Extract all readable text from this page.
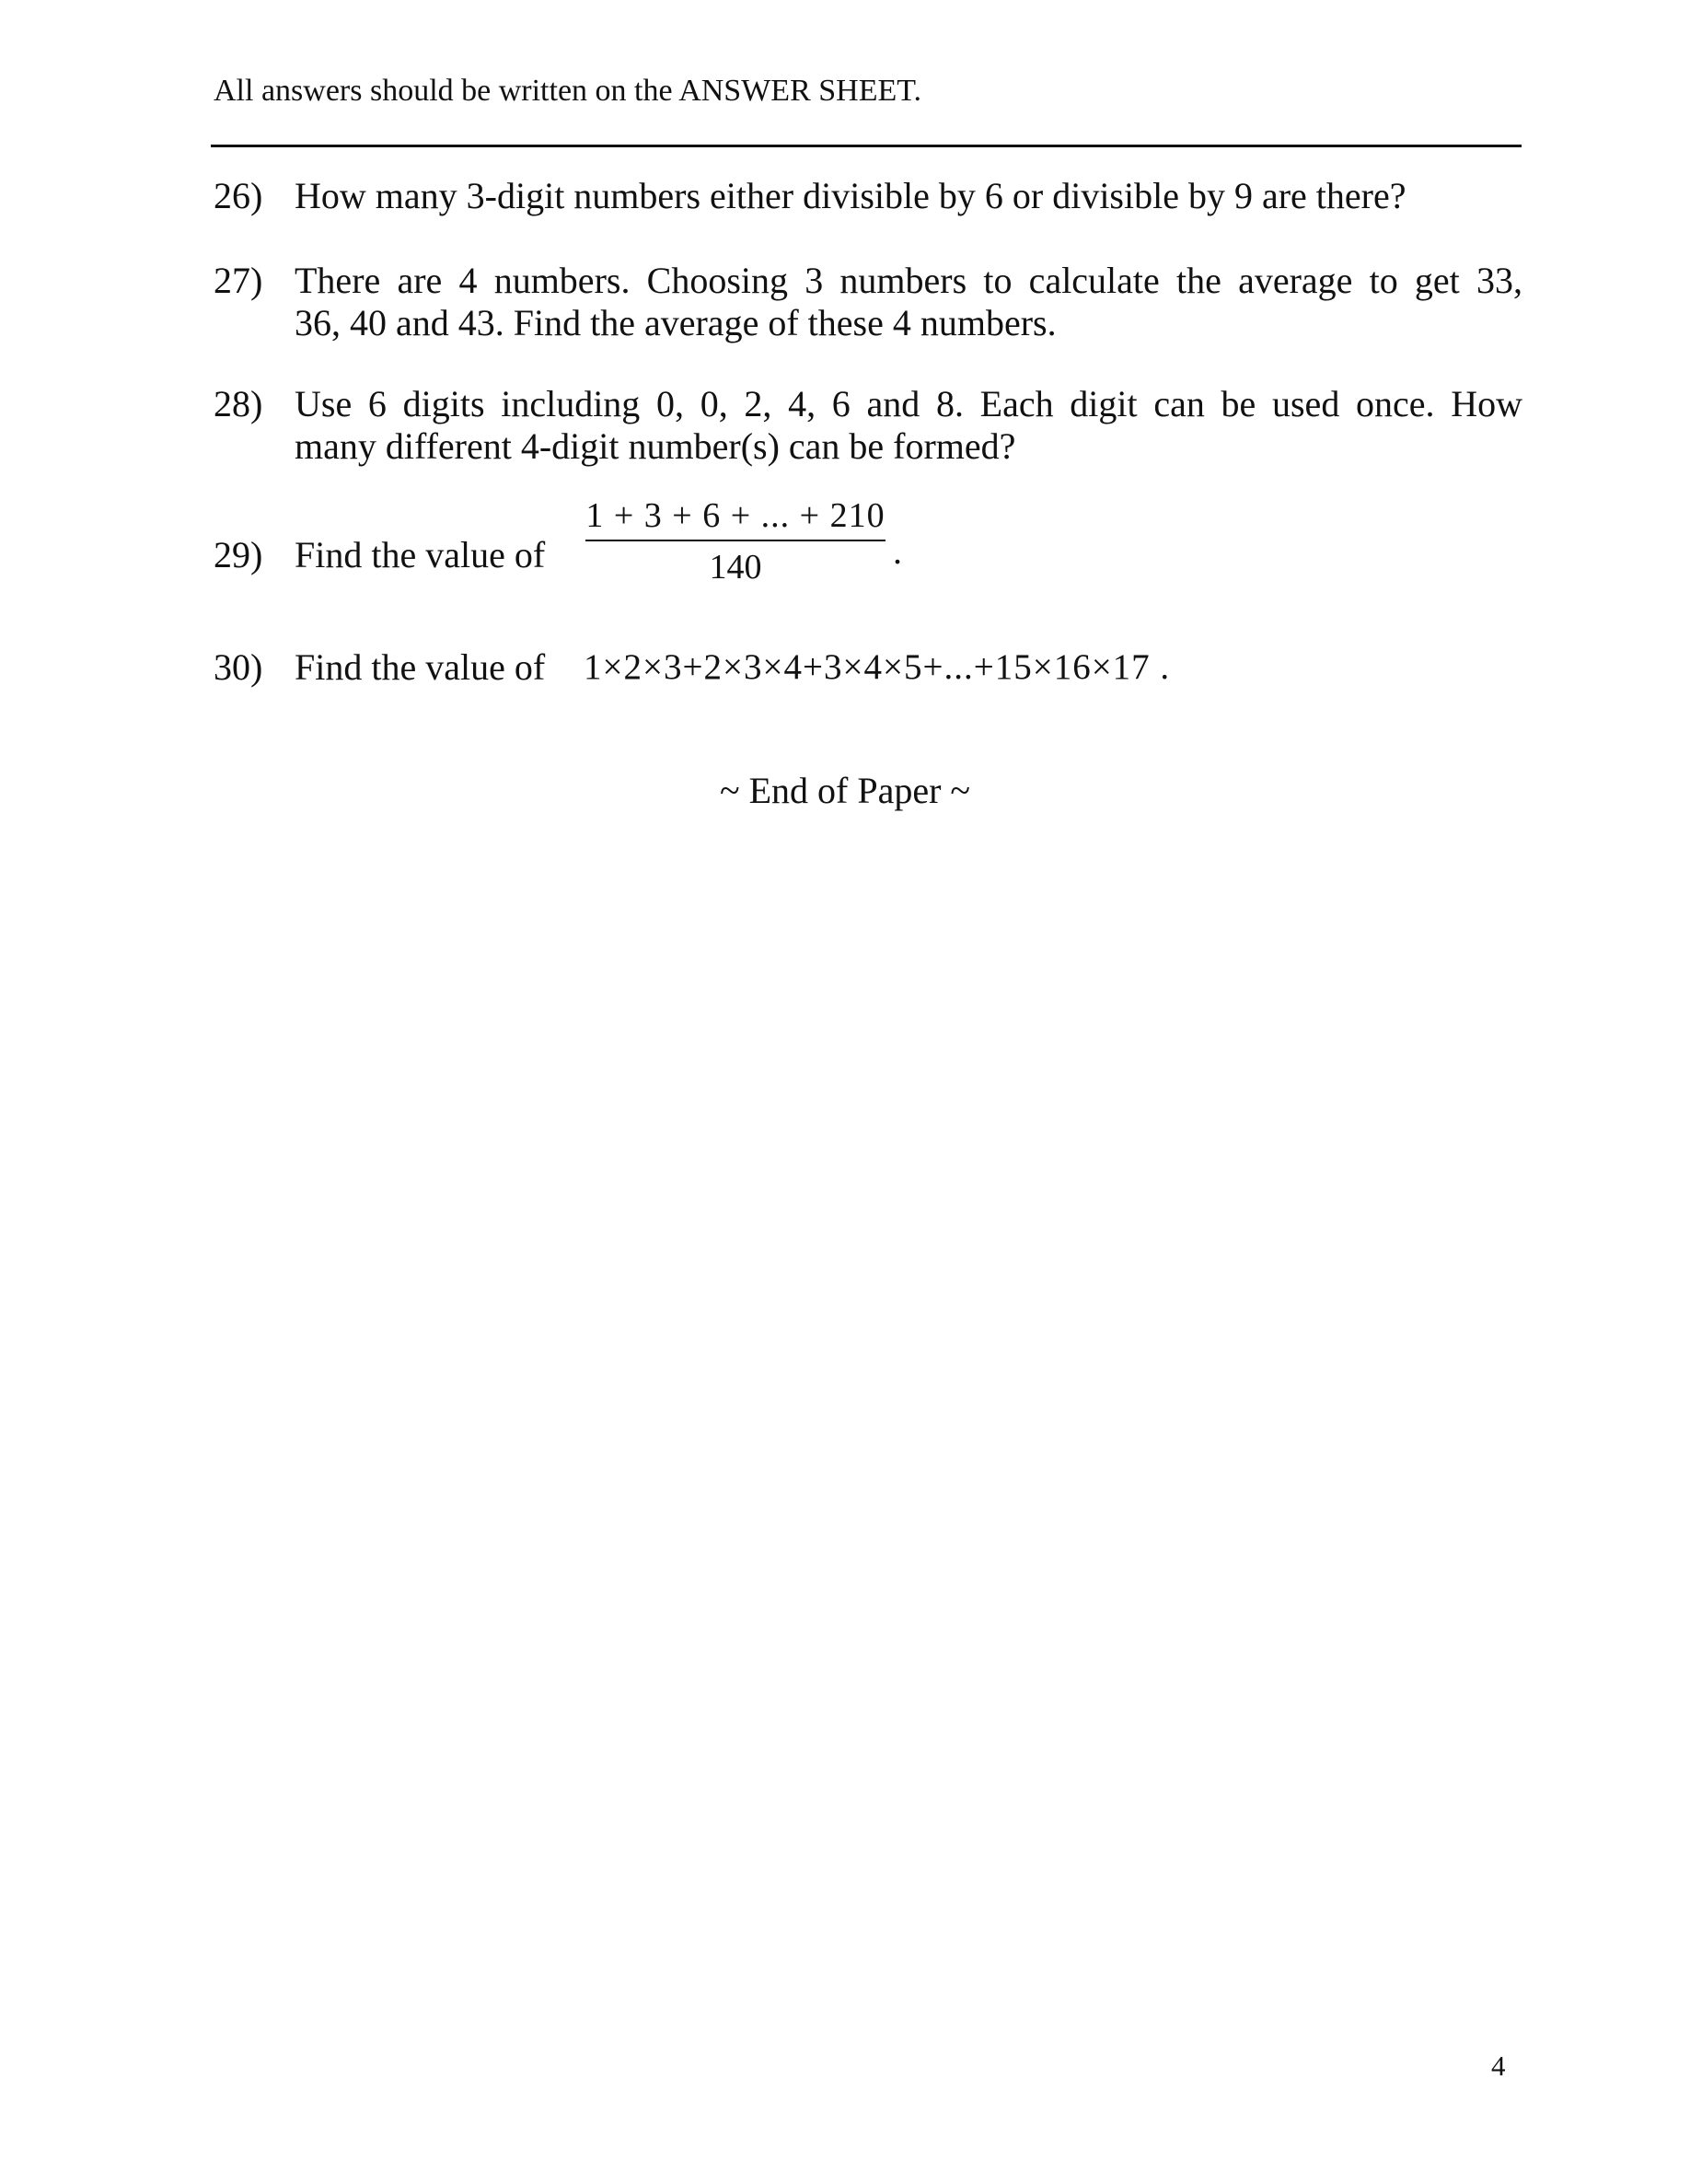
All answers should be written on the ANSWER SHEET.
26) How many 3-digit numbers either divisible by 6 or divisible by 9 are there?
27) There are 4 numbers. Choosing 3 numbers to calculate the average to get 33,
36, 40 and 43. Find the average of these 4 numbers.
28) Use 6 digits including 0, 0, 2, 4, 6 and 8. Each digit can be used once. How
many different 4-digit number(s) can be formed?
29) Find the value of
1 + 3 + 6 + ... + 210
140	.
30) Find the value of 1×2×3+2×3×4+3×4×5+...+15×16×17 .
~ End of Paper ~
4
